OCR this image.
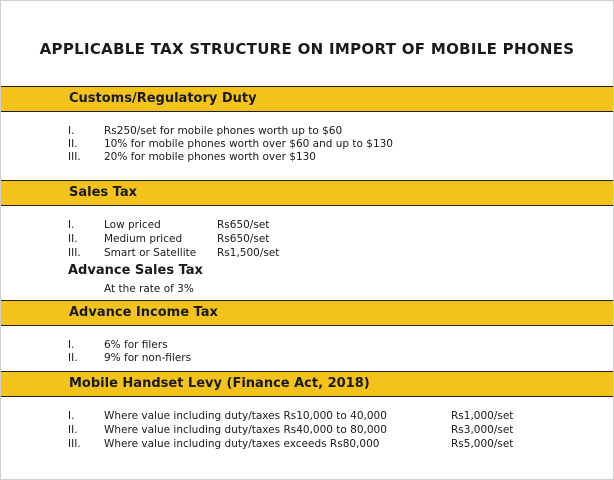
APPLICABLE TAX STRUCTURE ON IMPORT OF MOBILE PHONES
Customs/Regulatory Duty
I.	Rs250/set for mobile phones worth up to $60
II.	10% for mobile phones worth over $60 and up to $130
III. 20% for mobile phones worth over $130
Sales Tax
I.	Low priced	Rs650/set
II.	Medium priced	Rs650/set
III. Smart or Satellite Rs1,500/set
Advance Sales Tax
At the rate of 3%
Advance Income Tax
I.	6% for filers
II.	9% for non-filers
Mobile Handset Levy (Finance Act, 2018)
I.	Where value including duty/taxes Rs10,000 to 40,000	Rs1,000/set
II.	Where value including duty/taxes Rs40,000 to 80,000	Rs3,000/set
III. Where value including duty/taxes exceeds Rs80,000	Rs5,000/set
